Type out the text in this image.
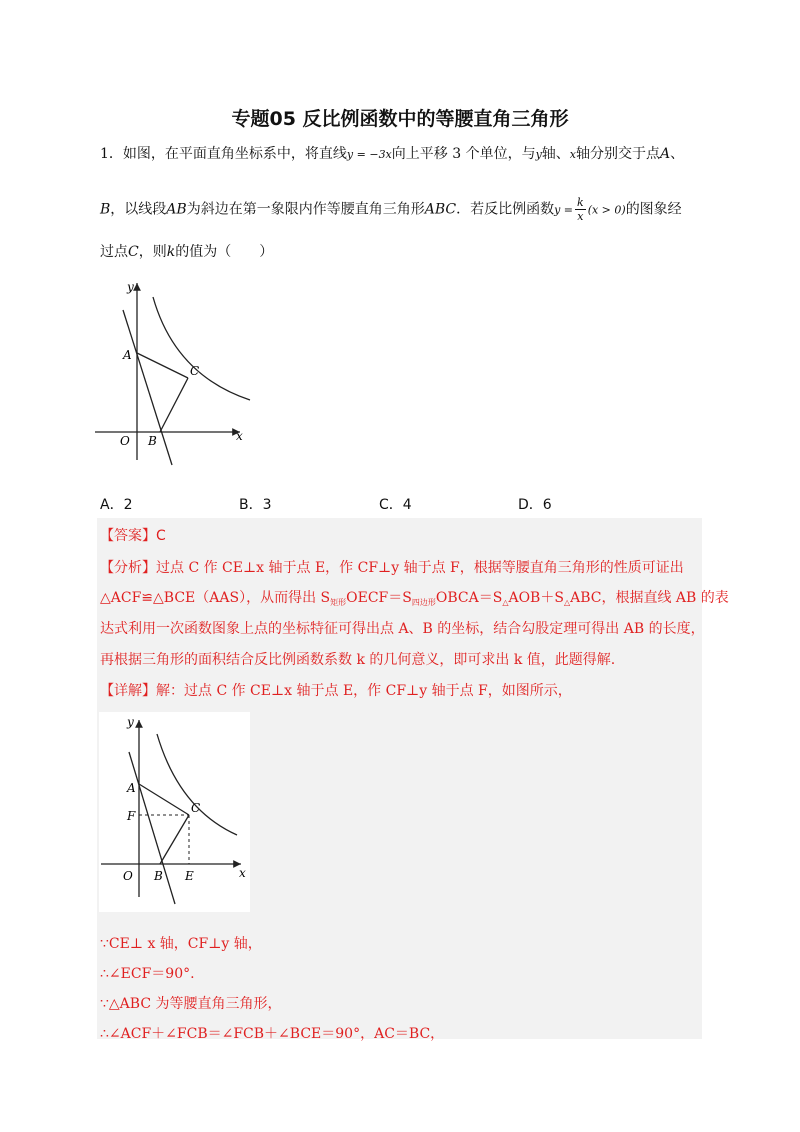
专题05 反比例函数中的等腰直角三角形
1．如图，在平面直角坐标系中，将直线y = −3x向上平移 3 个单位，与y轴、x轴分别交于点A、
B，以线段AB为斜边在第一象限内作等腰直角三角形ABC．若反比例函数$y = \frac{k}{x} (x > 0)$的图象经
过点C，则k的值为（　　）
y
x
O
A
B
C
A．2	B．3	C．4	D．6
【答案】C
【分析】过点 C 作 CE⊥x 轴于点 E，作 CF⊥y 轴于点 F，根据等腰直角三角形的性质可证出
△ACF≌△BCE（AAS），从而得出 $S_{矩形}OECF=S_{四边形}OBCA=S_\triangle AOB+S_\triangle ABC$，根据直线 AB 的表
达式利用一次函数图象上点的坐标特征可得出点 A、B 的坐标，结合勾股定理可得出 AB 的长度，
再根据三角形的面积结合反比例函数系数 k 的几何意义，即可求出 k 值，此题得解.
【详解】解：过点 C 作 CE⊥x 轴于点 E，作 CF⊥y 轴于点 F，如图所示，
y
x
O
A
F
B E
C
∵CE⊥ x 轴，CF⊥y 轴，
∴∠ECF＝90°.
∵△ABC 为等腰直角三角形，
∴∠ACF＋∠FCB＝∠FCB＋∠BCE＝90°，AC＝BC，
